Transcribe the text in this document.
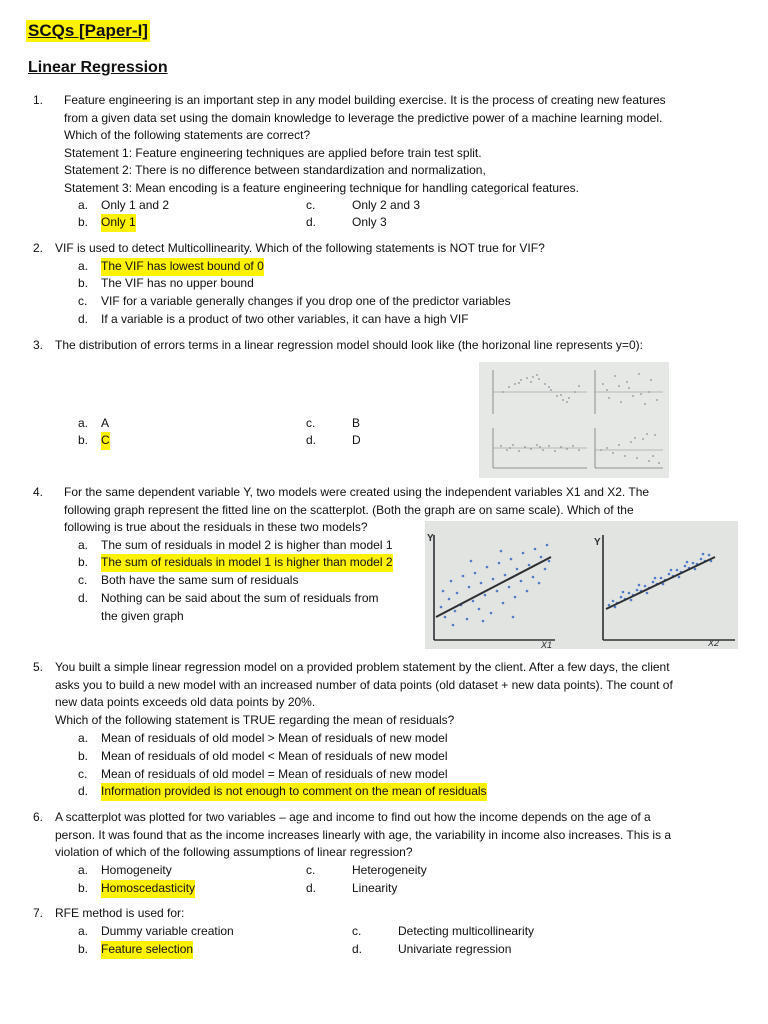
SCQs [Paper-I]
Linear Regression
1. Feature engineering is an important step in any model building exercise. It is the process of creating new features
from a given data set using the domain knowledge to leverage the predictive power of a machine learning model.
Which of the following statements are correct?
Statement 1: Feature engineering techniques are applied before train test split.
Statement 2: There is no difference between standardization and normalization,
Statement 3: Mean encoding is a feature engineering technique for handling categorical features.
a. Only 1 and 2
b. Only 1
c.	Only 2 and 3
d.	Only 3
2. VIF is used to detect Multicollinearity. Which of the following statements is NOT true for VIF?
a. The VIF has lowest bound of 0
b. The VIF has no upper bound
c. VIF for a variable generally changes if you drop one of the predictor variables
d. If a variable is a product of two other variables, it can have a high VIF
3. The distribution of errors terms in a linear regression model should look like (the horizonal line represents y=0):
a. A
b. C
c.	B
d.	D
4. For the same dependent variable Y, two models were created using the independent variables X1 and X2. The
following graph represent the fitted line on the scatterplot. (Both the graph are on same scale). Which of the
following is true about the residuals in these two models?
a. The sum of residuals in model 2 is higher than model 1
b. The sum of residuals in model 1 is higher than model 2
c. Both have the same sum of residuals
d. Nothing can be said about the sum of residuals from
the given graph
Y
X1
Y
X2
5. You built a simple linear regression model on a provided problem statement by the client. After a few days, the client
asks you to build a new model with an increased number of data points (old dataset + new data points). The count of
new data points exceeds old data points by 20%.
Which of the following statement is TRUE regarding the mean of residuals?
a. Mean of residuals of old model > Mean of residuals of new model
b. Mean of residuals of old model < Mean of residuals of new model
c. Mean of residuals of old model = Mean of residuals of new model
d. Information provided is not enough to comment on the mean of residuals
6. A scatterplot was plotted for two variables – age and income to find out how the income depends on the age of a
person. It was found that as the income increases linearly with age, the variability in income also increases. This is a
violation of which of the following assumptions of linear regression?
a. Homogeneity
b. Homoscedasticity
c.	Heterogeneity
d.	Linearity
7. RFE method is used for:
a. Dummy variable creation
b. Feature selection
c.	Detecting multicollinearity
d.	Univariate regression
